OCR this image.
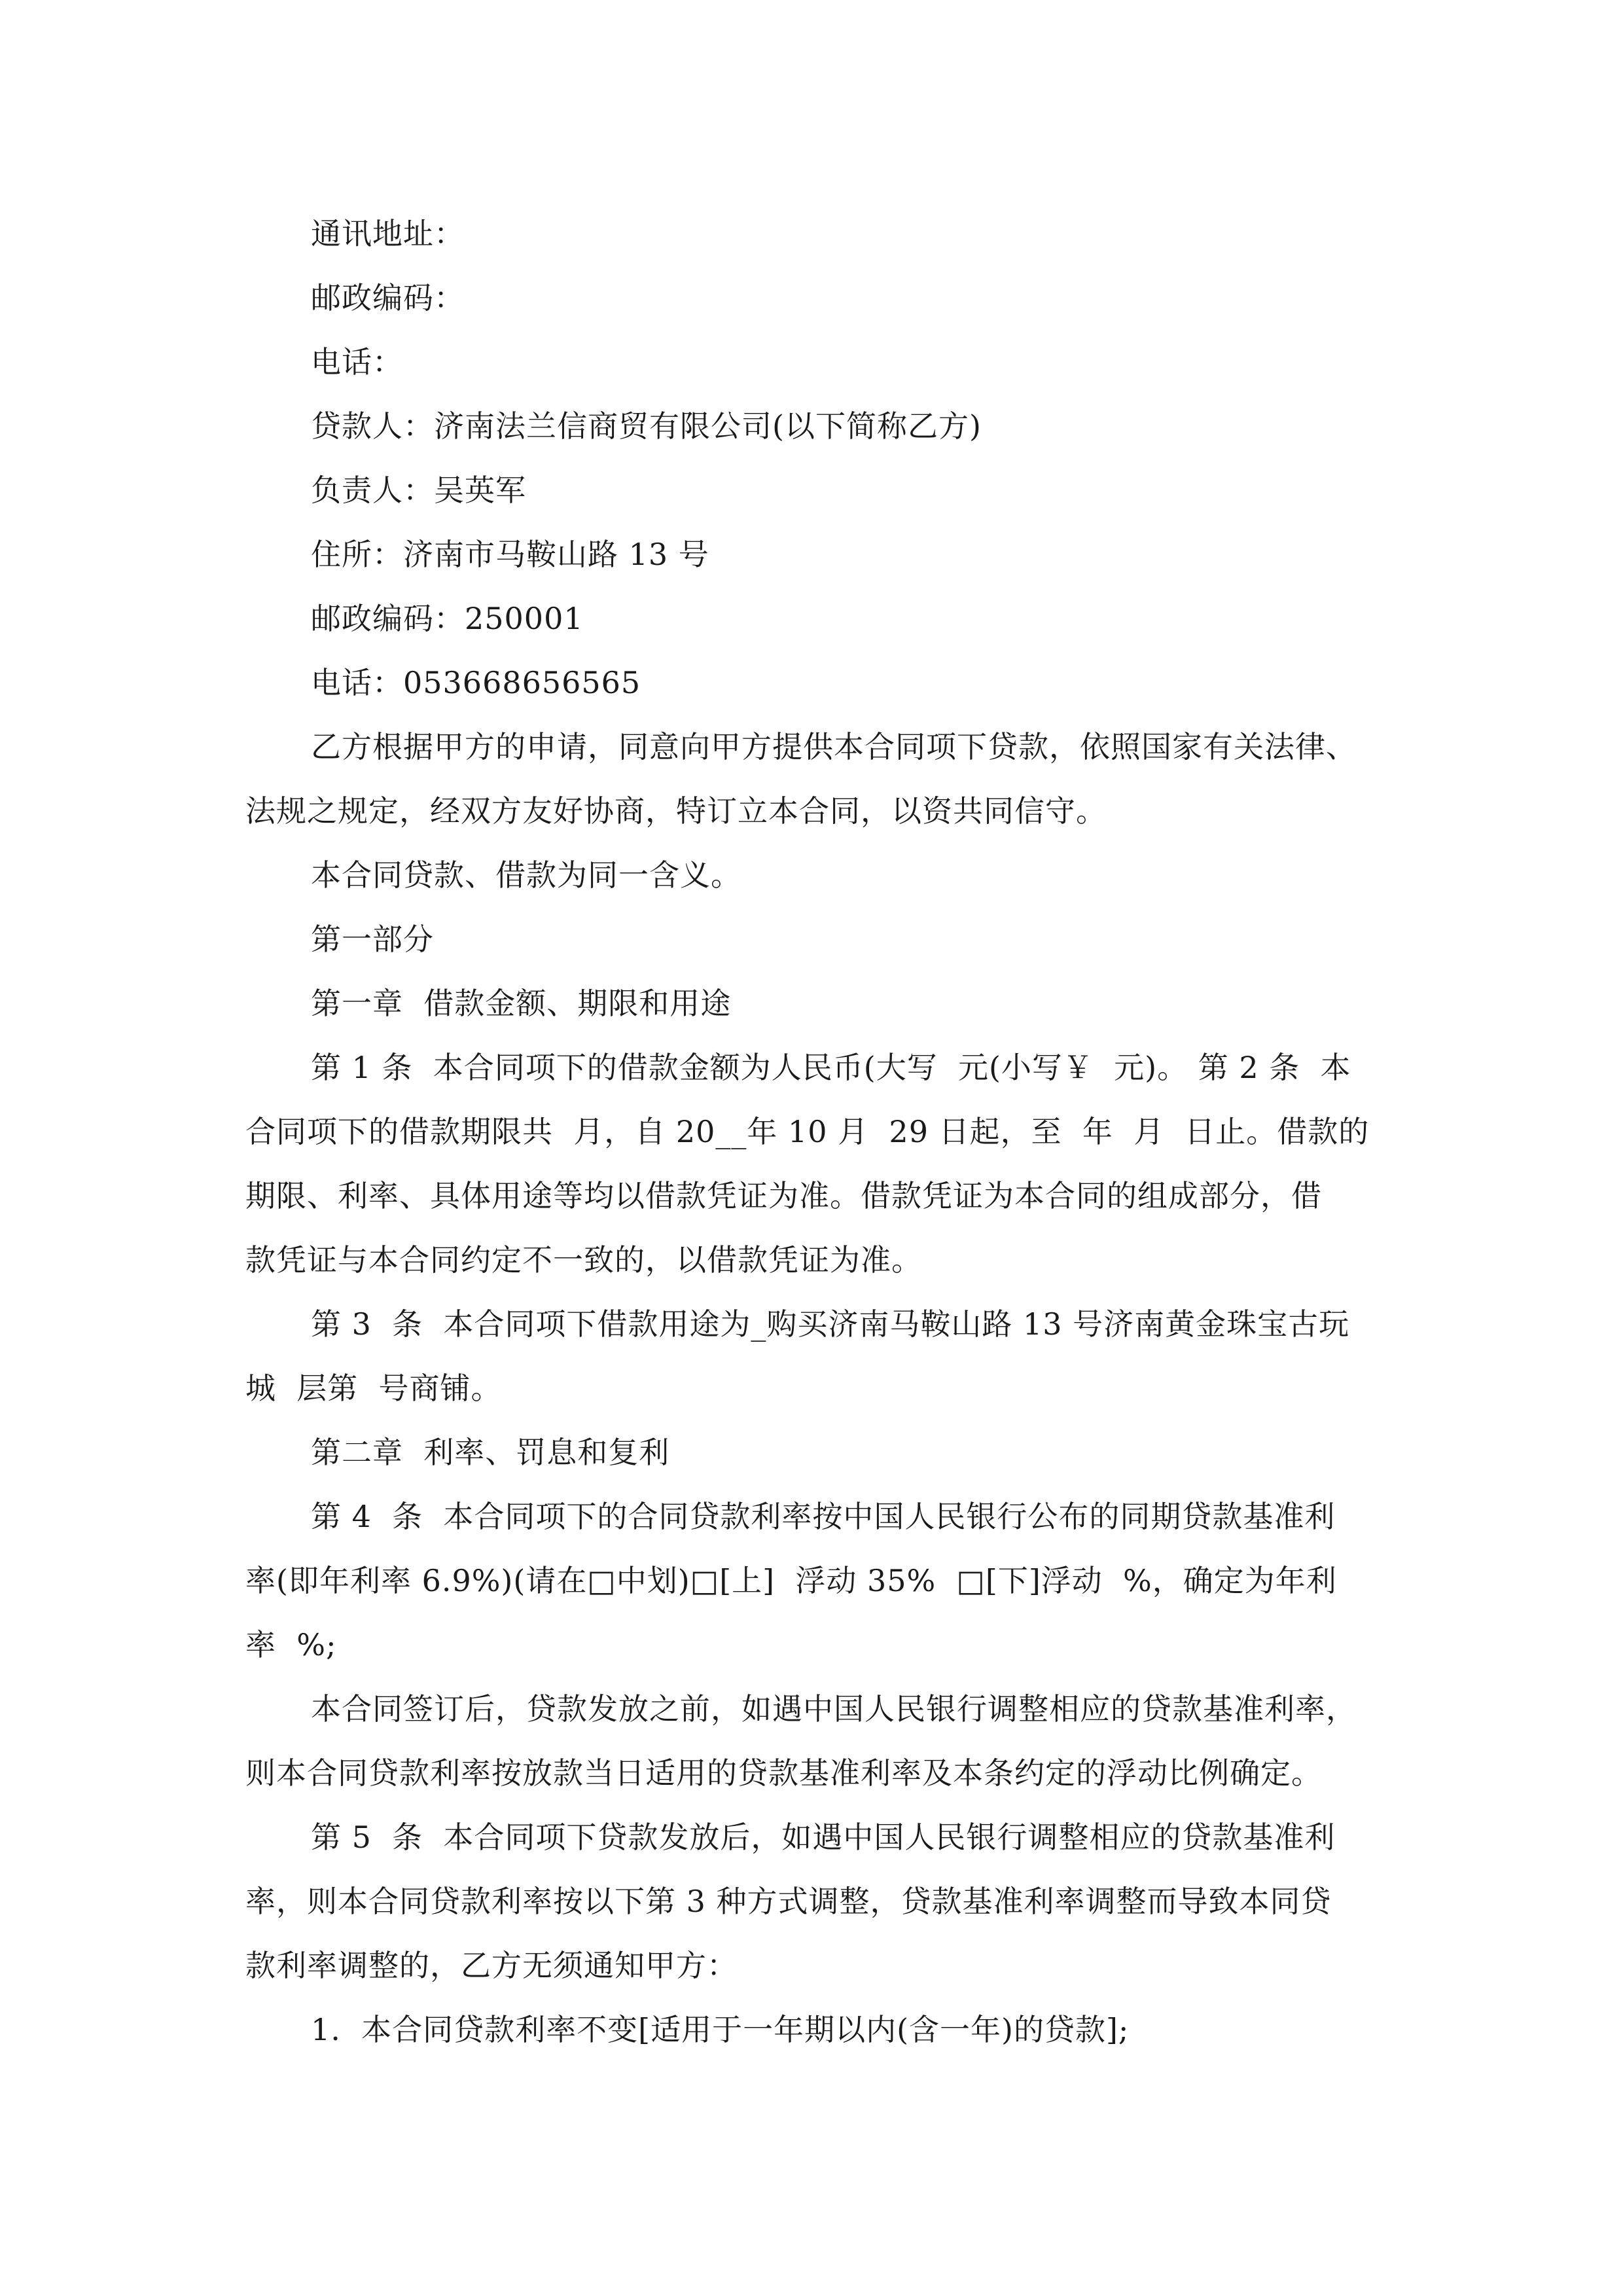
通讯地址：
邮政编码：
电话：
贷款人：济南法兰信商贸有限公司(以下简称乙方)
负责人：吴英军
住所：济南市马鞍山路 13 号
邮政编码：250001
电话：053668656565
乙方根据甲方的申请，同意向甲方提供本合同项下贷款，依照国家有关法律、
法规之规定，经双方友好协商，特订立本合同，以资共同信守。
本合同贷款、借款为同一含义。
第一部分
第一章  借款金额、期限和用途
第 1 条  本合同项下的借款金额为人民币(大写  元(小写￥  元)。 第 2 条  本
合同项下的借款期限共  月，自 20__年 10 月  29 日起，至  年  月  日止。借款的
期限、利率、具体用途等均以借款凭证为准。借款凭证为本合同的组成部分，借
款凭证与本合同约定不一致的，以借款凭证为准。
第 3  条  本合同项下借款用途为_购买济南马鞍山路 13 号济南黄金珠宝古玩
城  层第  号商铺。
第二章  利率、罚息和复利
第 4  条  本合同项下的合同贷款利率按中国人民银行公布的同期贷款基准利
率(即年利率 6.9%)(请在□中划)□[上]  浮动 35%  □[下]浮动  %，确定为年利
率  %;
本合同签订后，贷款发放之前，如遇中国人民银行调整相应的贷款基准利率，
则本合同贷款利率按放款当日适用的贷款基准利率及本条约定的浮动比例确定。
第 5  条  本合同项下贷款发放后，如遇中国人民银行调整相应的贷款基准利
率，则本合同贷款利率按以下第 3 种方式调整，贷款基准利率调整而导致本同贷
款利率调整的，乙方无须通知甲方：
1.  本合同贷款利率不变[适用于一年期以内(含一年)的贷款];
